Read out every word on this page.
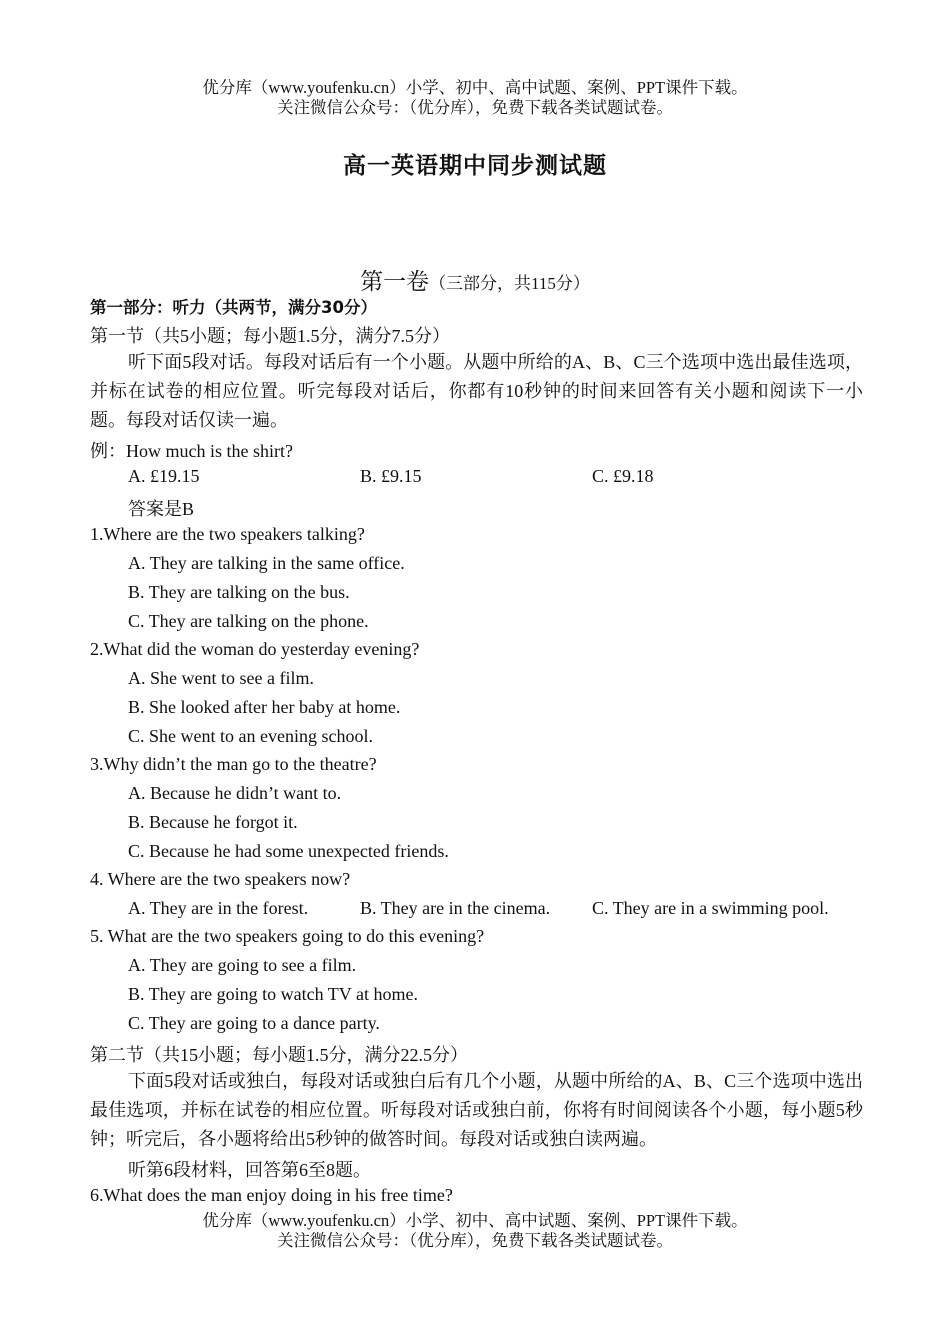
优分库（www.youfenku.cn）小学、初中、高中试题、案例、PPT课件下载。
关注微信公众号：（优分库），免费下载各类试题试卷。
高一英语期中同步测试题
第一卷（三部分，共115分）
第一部分：听力（共两节，满分30分）
第一节（共5小题；每小题1.5分，满分7.5分）
听下面5段对话。每段对话后有一个小题。从题中所给的A、B、C三个选项中选出最佳选项，并标在试卷的相应位置。听完每段对话后，你都有10秒钟的时间来回答有关小题和阅读下一小题。每段对话仅读一遍。
例：How much is the shirt?
A. £19.15	B. £9.15	C. £9.18
答案是B
1.Where are the two speakers talking?
A. They are talking in the same office.
B. They are talking on the bus.
C. They are talking on the phone.
2.What did the woman do yesterday evening?
A. She went to see a film.
B. She looked after her baby at home.
C. She went to an evening school.
3.Why didn’t the man go to the theatre?
A. Because he didn’t want to.
B. Because he forgot it.
C. Because he had some unexpected friends.
4. Where are the two speakers now?
A. They are in the forest.	B. They are in the cinema. C. They are in a swimming pool.
5. What are the two speakers going to do this evening?
A. They are going to see a film.
B. They are going to watch TV at home.
C. They are going to a dance party.
第二节（共15小题；每小题1.5分，满分22.5分）
下面5段对话或独白，每段对话或独白后有几个小题，从题中所给的A、B、C三个选项中选出最佳选项，并标在试卷的相应位置。听每段对话或独白前，你将有时间阅读各个小题，每小题5秒钟；听完后，各小题将给出5秒钟的做答时间。每段对话或独白读两遍。
听第6段材料，回答第6至8题。
6.What does the man enjoy doing in his free time?
优分库（www.youfenku.cn）小学、初中、高中试题、案例、PPT课件下载。
关注微信公众号：（优分库），免费下载各类试题试卷。
